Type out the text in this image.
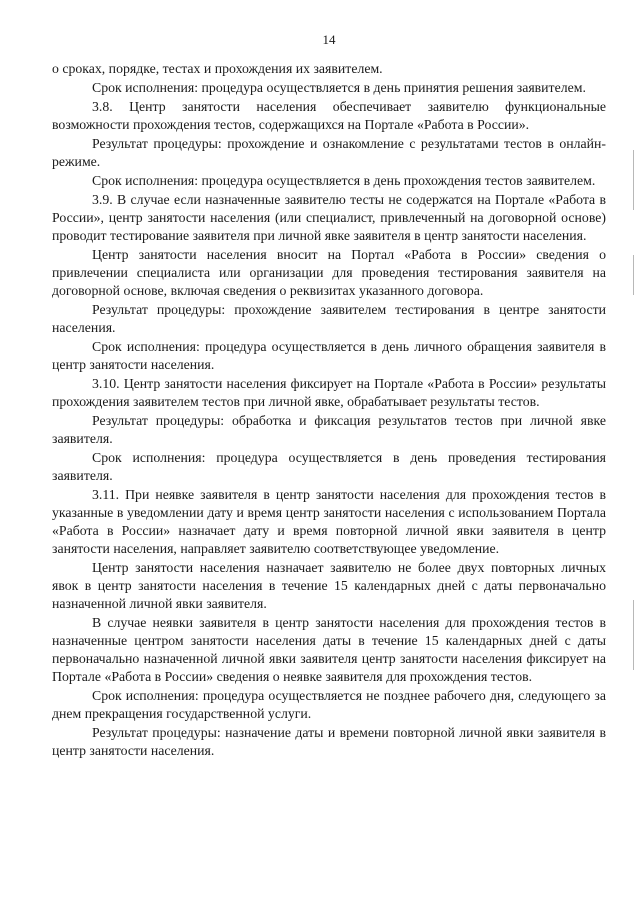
14

о сроках, порядке, тестах и прохождения их заявителем.

Срок исполнения: процедура осуществляется в день принятия решения заявителем.

3.8. Центр занятости населения обеспечивает заявителю функциональные возможности прохождения тестов, содержащихся на Портале «Работа в России».

Результат процедуры: прохождение и ознакомление с результатами тестов в онлайн-режиме.

Срок исполнения: процедура осуществляется в день прохождения тестов заявителем.

3.9. В случае если назначенные заявителю тесты не содержатся на Портале «Работа в России», центр занятости населения (или специалист, привлеченный на договорной основе) проводит тестирование заявителя при личной явке заявителя в центр занятости населения.

Центр занятости населения вносит на Портал «Работа в России» сведения о привлечении специалиста или организации для проведения тестирования заявителя на договорной основе, включая сведения о реквизитах указанного договора.

Результат процедуры: прохождение заявителем тестирования в центре занятости населения.

Срок исполнения: процедура осуществляется в день личного обращения заявителя в центр занятости населения.

3.10. Центр занятости населения фиксирует на Портале «Работа в России» результаты прохождения заявителем тестов при личной явке, обрабатывает результаты тестов.

Результат процедуры: обработка и фиксация результатов тестов при личной явке заявителя.

Срок исполнения: процедура осуществляется в день проведения тестирования заявителя.

3.11. При неявке заявителя в центр занятости населения для прохождения тестов в указанные в уведомлении дату и время центр занятости населения с использованием Портала «Работа в России» назначает дату и время повторной личной явки заявителя в центр занятости населения, направляет заявителю соответствующее уведомление.

Центр занятости населения назначает заявителю не более двух повторных личных явок в центр занятости населения в течение 15 календарных дней с даты первоначально назначенной личной явки заявителя.

В случае неявки заявителя в центр занятости населения для прохождения тестов в назначенные центром занятости населения даты в течение 15 календарных дней с даты первоначально назначенной личной явки заявителя центр занятости населения фиксирует на Портале «Работа в России» сведения о неявке заявителя для прохождения тестов.

Срок исполнения: процедура осуществляется не позднее рабочего дня, следующего за днем прекращения государственной услуги.

Результат процедуры: назначение даты и времени повторной личной явки заявителя в центр занятости населения.
